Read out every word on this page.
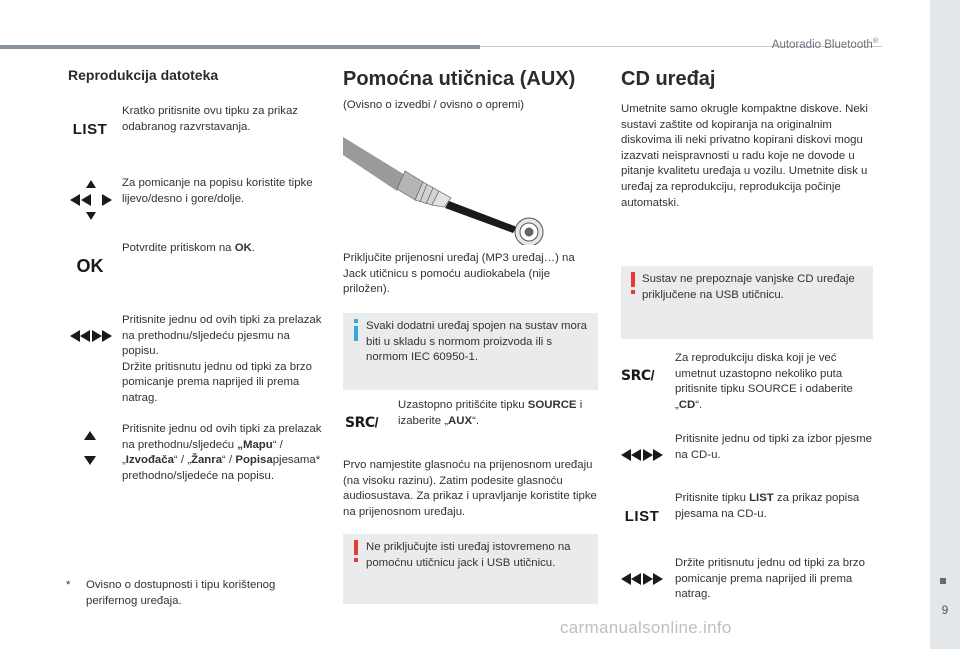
Autoradio Bluetooth®
9
Reprodukcija datoteka
LIST
Kratko pritisnite ovu tipku za prikaz odabranog razvrstavanja.
Za pomicanje na popisu koristite tipke lijevo/desno i gore/dolje.
OK
Potvrdite pritiskom na OK.
Pritisnite jednu od ovih tipki za prelazak na prethodnu/sljedeću pjesmu na popisu.
Držite pritisnutu jednu od tipki za brzo pomicanje prema naprijed ili prema natrag.
Pritisnite jednu od ovih tipki za prelazak na prethodnu/sljedeću „Mapu“ / „Izvođača“ / „Žanra“ / Popisapjesama* prethodno/sljedeće na popisu.
* Ovisno o dostupnosti i tipu korištenog perifernog uređaja.
Pomoćna utičnica (AUX)
(Ovisno o izvedbi / ovisno o opremi)
Priključite prijenosni uređaj (MP3 uređaj…) na Jack utičnicu s pomoću audiokabela (nije priložen).
Svaki dodatni uređaj spojen na sustav mora biti u skladu s normom proizvoda ili s normom IEC 60950-1.
SRC/
Uzastopno pritišćite tipku SOURCE i izaberite „AUX“.
Prvo namjestite glasnoću na prijenosnom uređaju (na visoku razinu). Zatim podesite glasnoću audiosustava. Za prikaz i upravljanje koristite tipke na prijenosnom uređaju.
Ne priključujte isti uređaj istovremeno na pomoćnu utičnicu jack i USB utičnicu.
CD uređaj
Umetnite samo okrugle kompaktne diskove. Neki sustavi zaštite od kopiranja na originalnim diskovima ili neki privatno kopirani diskovi mogu izazvati neispravnosti u radu koje ne dovode u pitanje kvalitetu uređaja u vozilu. Umetnite disk u uređaj za reprodukciju, reprodukcija počinje automatski.
Sustav ne prepoznaje vanjske CD uređaje priključene na USB utičnicu.
SRC/
Za reprodukciju diska koji je već umetnut uzastopno nekoliko puta pritisnite tipku SOURCE i odaberite „CD“.
Pritisnite jednu od tipki za izbor pjesme na CD-u.
LIST
Pritisnite tipku LIST za prikaz popisa pjesama na CD-u.
Držite pritisnutu jednu od tipki za brzo pomicanje prema naprijed ili prema natrag.
carmanualsonline.info
